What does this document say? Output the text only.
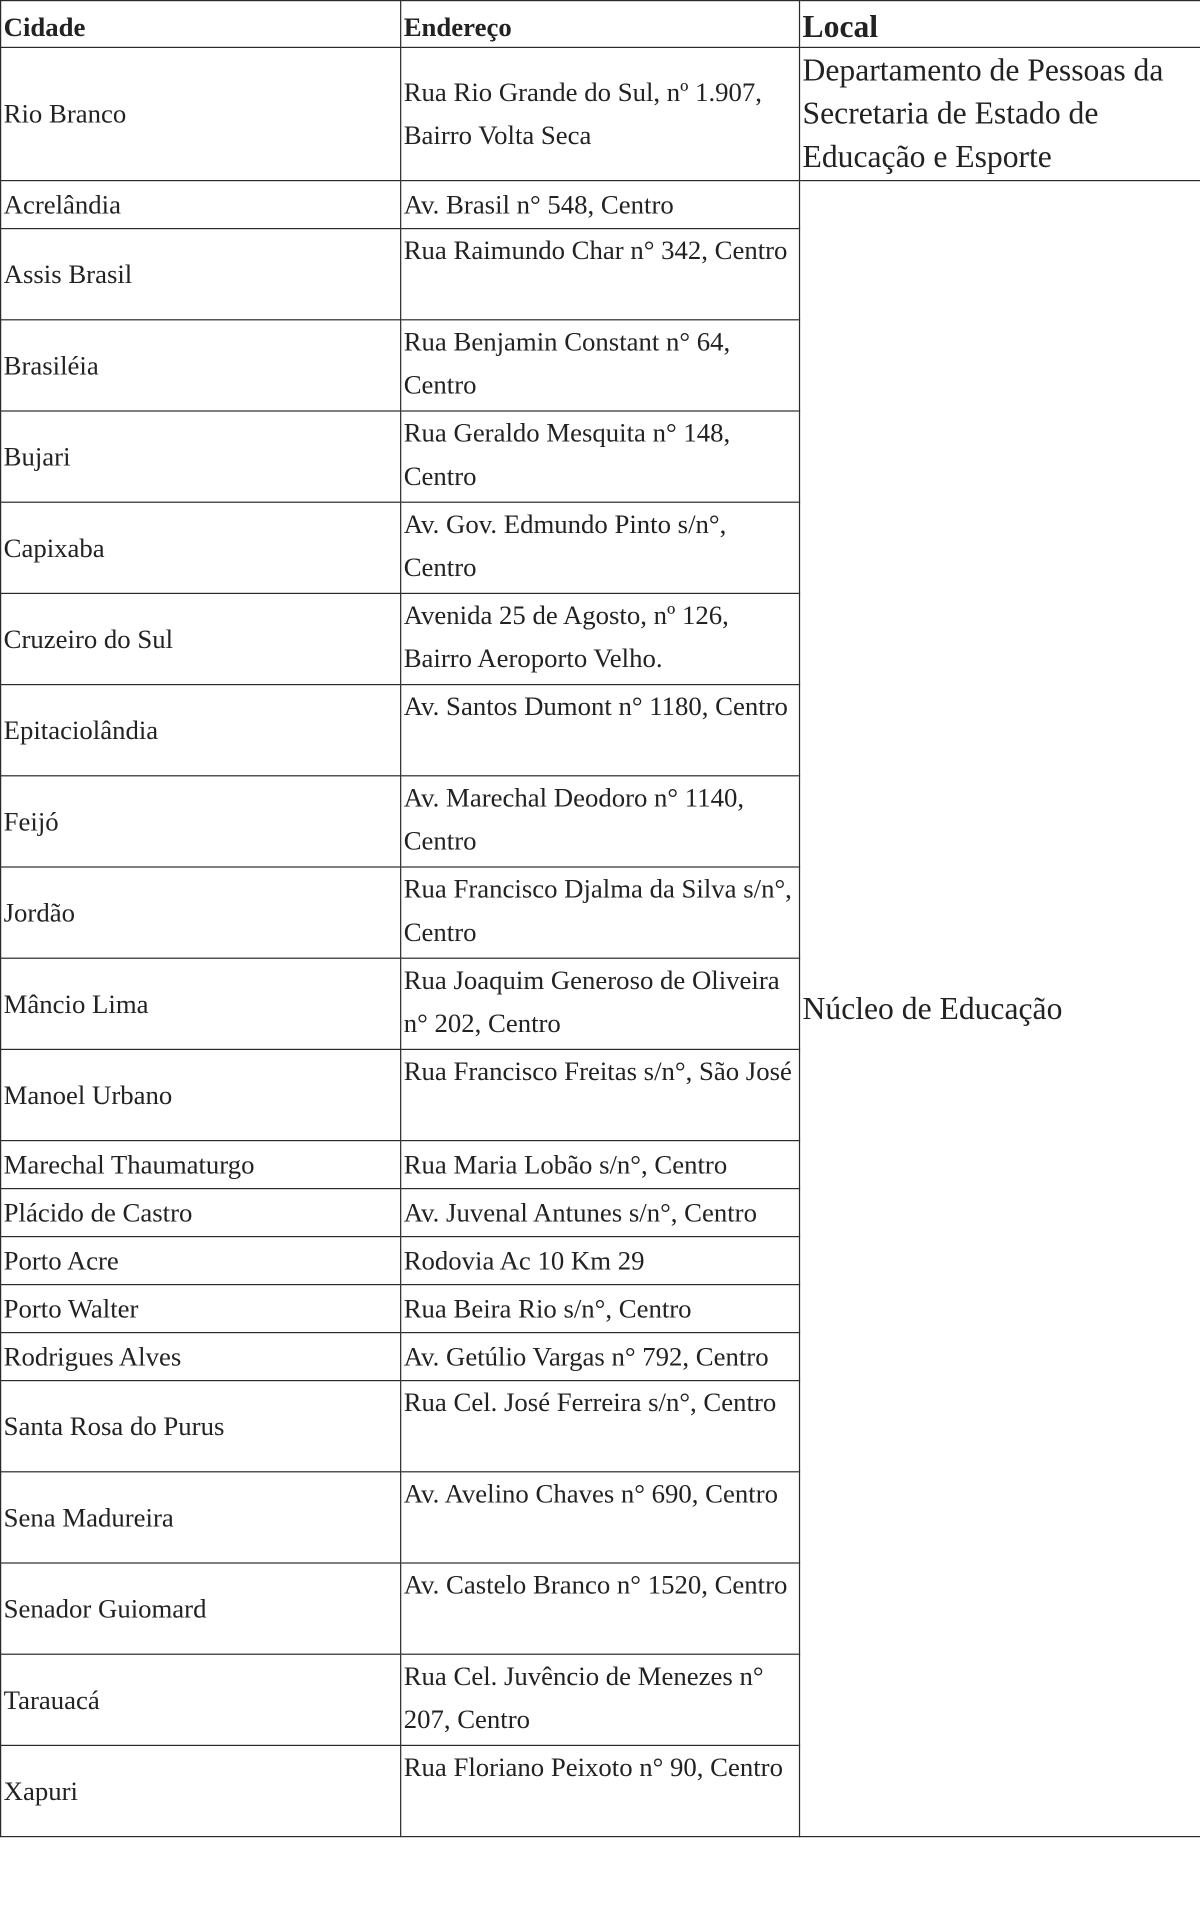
Cidade	Endereço	Local
Rio Branco	Rua Rio Grande do Sul, nº 1.907, Bairro Volta Seca	Departamento de Pessoas da Secretaria de Estado de Educação e Esporte
Acrelândia	Av. Brasil n° 548, Centro	Núcleo de Educação
Assis Brasil	Rua Raimundo Char n° 342, Centro	
Brasiléia	Rua Benjamin Constant n° 64, Centro	
Bujari	Rua Geraldo Mesquita n° 148, Centro	
Capixaba	Av. Gov. Edmundo Pinto s/n°, Centro	
Cruzeiro do Sul	Avenida 25 de Agosto, nº 126, Bairro Aeroporto Velho.	
Epitaciolândia	Av. Santos Dumont n° 1180, Centro	
Feijó	Av. Marechal Deodoro n° 1140, Centro	
Jordão	Rua Francisco Djalma da Silva s/n°, Centro	
Mâncio Lima	Rua Joaquim Generoso de Oliveira n° 202, Centro	
Manoel Urbano	Rua Francisco Freitas s/n°, São José	
Marechal Thaumaturgo	Rua Maria Lobão s/n°, Centro	
Plácido de Castro	Av. Juvenal Antunes s/n°, Centro	
Porto Acre	Rodovia Ac 10 Km 29	
Porto Walter	Rua Beira Rio s/n°, Centro	
Rodrigues Alves	Av. Getúlio Vargas n° 792, Centro	
Santa Rosa do Purus	Rua Cel. José Ferreira s/n°, Centro	
Sena Madureira	Av. Avelino Chaves n° 690, Centro	
Senador Guiomard	Av. Castelo Branco n° 1520, Centro	
Tarauacá	Rua Cel. Juvêncio de Menezes n° 207, Centro	
Xapuri	Rua Floriano Peixoto n° 90, Centro	
